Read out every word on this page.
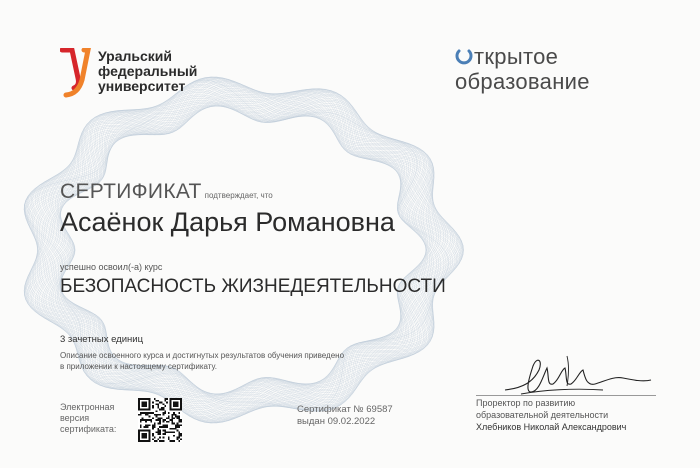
Уральский
федеральный
университет
ткрытое
образование
СЕРТИФИКАТ подтверждает, что
Асаёнок Дарья Романовна
успешно освоил(-а) курс
БЕЗОПАСНОСТЬ ЖИЗНЕДЕЯТЕЛЬНОСТИ
3 зачетных единиц
Описание освоенного курса и достигнутых результатов обучения приведено
в приложении к настоящему сертификату.
Электронная
версия
сертификата:
Сертификат № 69587
выдан 09.02.2022
Проректор по развитию
образовательной деятельности
Хлебников Николай Александрович
